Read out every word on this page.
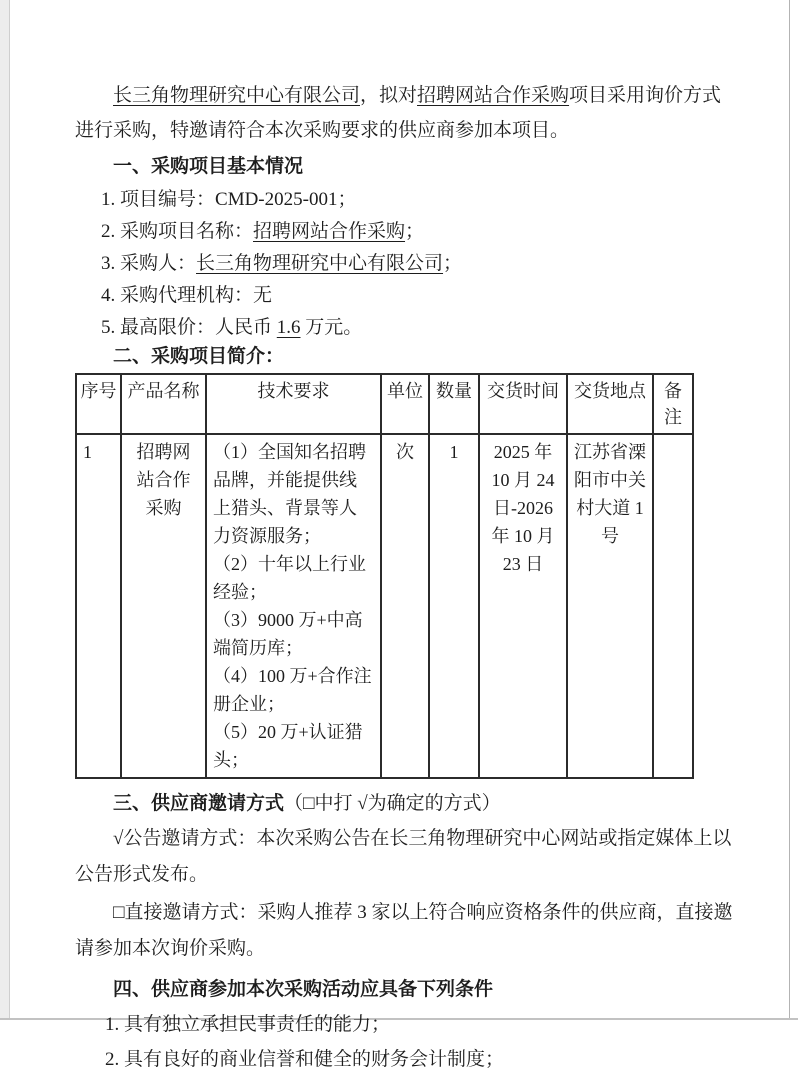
长三角物理研究中心有限公司，拟对招聘网站合作采购项目采用询价方式进行采购，特邀请符合本次采购要求的供应商参加本项目。

一、采购项目基本情况

1. 项目编号：CMD-2025-001；
2. 采购项目名称：招聘网站合作采购；
3. 采购人：长三角物理研究中心有限公司；
4. 采购代理机构：无
5. 最高限价：人民币 1.6 万元。

二、采购项目简介：

序号	产品名称	技术要求	单位	数量	交货时间	交货地点	备注

1	招聘网站合作采购	（1）全国知名招聘品牌，并能提供线上猎头、背景等人力资源服务；

（2）十年以上行业经验；

（3）9000 万+中高端简历库；

（4）100 万+合作注册企业；

（5）20 万+认证猎头；	次	1	2025 年 10 月 24 日-2026 年 10 月 23 日	江苏省溧阳市中关村大道 1 号	

三、供应商邀请方式（□中打 √为确定的方式）

√公告邀请方式：本次采购公告在长三角物理研究中心网站或指定媒体上以公告形式发布。

□直接邀请方式：采购人推荐 3 家以上符合响应资格条件的供应商，直接邀请参加本次询价采购。

四、供应商参加本次采购活动应具备下列条件

1. 具有独立承担民事责任的能力；
2. 具有良好的商业信誉和健全的财务会计制度；
